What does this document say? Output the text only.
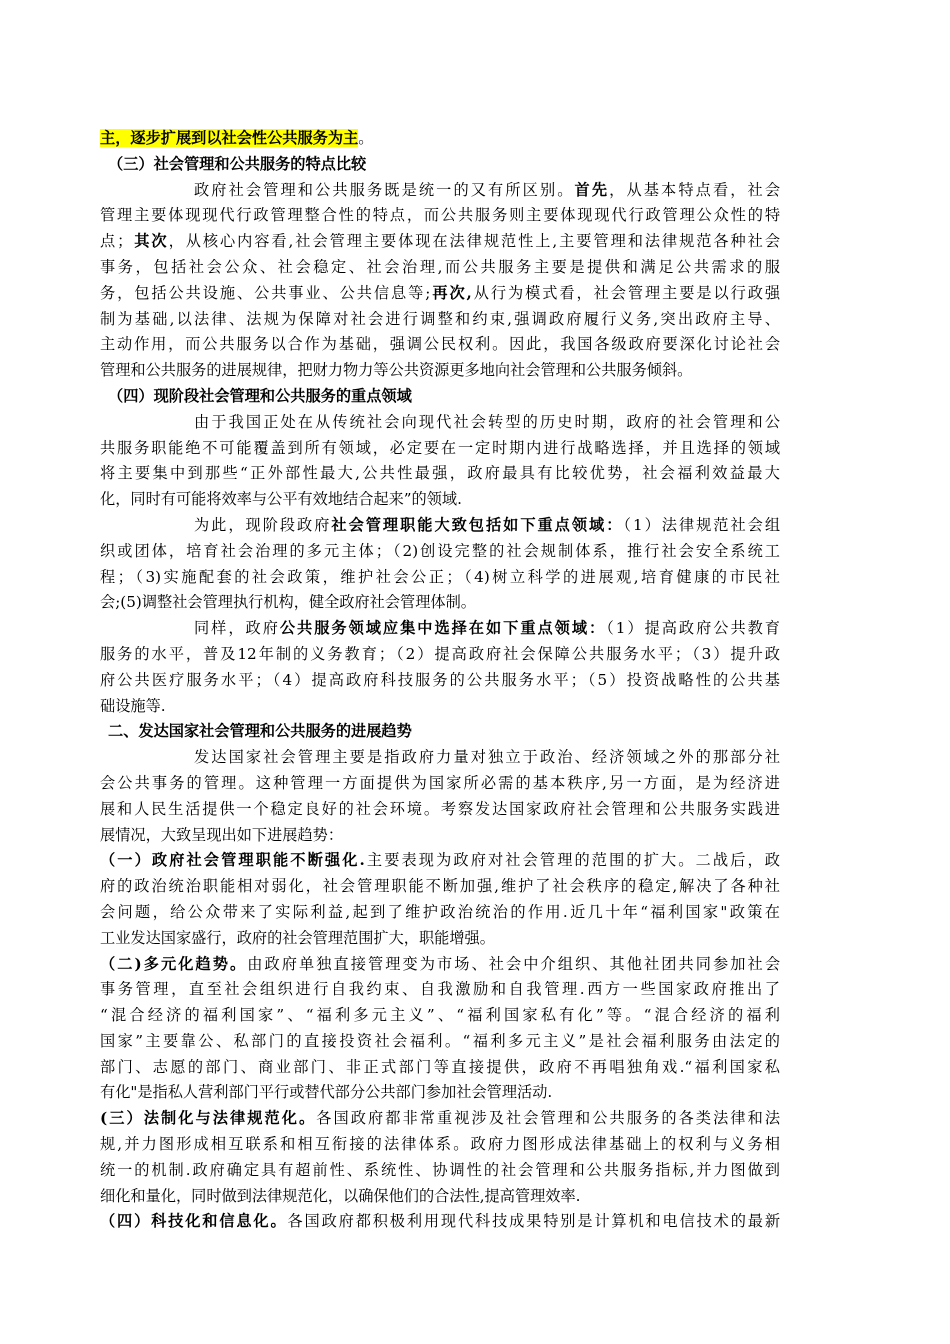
主，逐步扩展到以社会性公共服务为主。

（三）社会管理和公共服务的特点比较

政府社会管理和公共服务既是统一的又有所区别。首先，从基本特点看，社会
管理主要体现现代行政管理整合性的特点，而公共服务则主要体现现代行政管理公众性的特
点；其次，从核心内容看,社会管理主要体现在法律规范性上,主要管理和法律规范各种社会
事务，包括社会公众、社会稳定、社会治理,而公共服务主要是提供和满足公共需求的服
务，包括公共设施、公共事业、公共信息等;再次,从行为模式看，社会管理主要是以行政强
制为基础,以法律、法规为保障对社会进行调整和约束,强调政府履行义务,突出政府主导、
主动作用，而公共服务以合作为基础，强调公民权利。因此，我国各级政府要深化讨论社会
管理和公共服务的进展规律，把财力物力等公共资源更多地向社会管理和公共服务倾斜。

（四）现阶段社会管理和公共服务的重点领域

由于我国正处在从传统社会向现代社会转型的历史时期，政府的社会管理和公
共服务职能绝不可能覆盖到所有领域，必定要在一定时期内进行战略选择，并且选择的领域
将主要集中到那些“正外部性最大,公共性最强，政府最具有比较优势，社会福利效益最大
化，同时有可能将效率与公平有效地结合起来”的领域.

为此，现阶段政府社会管理职能大致包括如下重点领域：（1）法律规范社会组
织或团体，培育社会治理的多元主体；（2)创设完整的社会规制体系，推行社会安全系统工
程；（3)实施配套的社会政策，维护社会公正；（4)树立科学的进展观,培育健康的市民社
会;(5)调整社会管理执行机构，健全政府社会管理体制。

同样，政府公共服务领域应集中选择在如下重点领域：（1）提高政府公共教育
服务的水平，普及12年制的义务教育；（2）提高政府社会保障公共服务水平；（3）提升政
府公共医疗服务水平；（4）提高政府科技服务的公共服务水平；（5）投资战略性的公共基
础设施等.

二、发达国家社会管理和公共服务的进展趋势

发达国家社会管理主要是指政府力量对独立于政治、经济领域之外的那部分社
会公共事务的管理。这种管理一方面提供为国家所必需的基本秩序,另一方面，是为经济进
展和人民生活提供一个稳定良好的社会环境。考察发达国家政府社会管理和公共服务实践进
展情况，大致呈现出如下进展趋势：

（一）政府社会管理职能不断强化.主要表现为政府对社会管理的范围的扩大。二战后，政
府的政治统治职能相对弱化，社会管理职能不断加强,维护了社会秩序的稳定,解决了各种社
会问题，给公众带来了实际利益,起到了维护政治统治的作用.近几十年“福利国家"政策在
工业发达国家盛行，政府的社会管理范围扩大，职能增强。

（二)多元化趋势。由政府单独直接管理变为市场、社会中介组织、其他社团共同参加社会
事务管理，直至社会组织进行自我约束、自我激励和自我管理.西方一些国家政府推出了
“混合经济的福利国家”、“福利多元主义”、“福利国家私有化”等。“混合经济的福利
国家”主要靠公、私部门的直接投资社会福利。“福利多元主义”是社会福利服务由法定的
部门、志愿的部门、商业部门、非正式部门等直接提供，政府不再唱独角戏.“福利国家私
有化"是指私人营利部门平行或替代部分公共部门参加社会管理活动.

(三）法制化与法律规范化。各国政府都非常重视涉及社会管理和公共服务的各类法律和法
规,并力图形成相互联系和相互衔接的法律体系。政府力图形成法律基础上的权利与义务相
统一的机制.政府确定具有超前性、系统性、协调性的社会管理和公共服务指标,并力图做到
细化和量化，同时做到法律规范化，以确保他们的合法性,提高管理效率.

（四）科技化和信息化。各国政府都积极利用现代科技成果特别是计算机和电信技术的最新
